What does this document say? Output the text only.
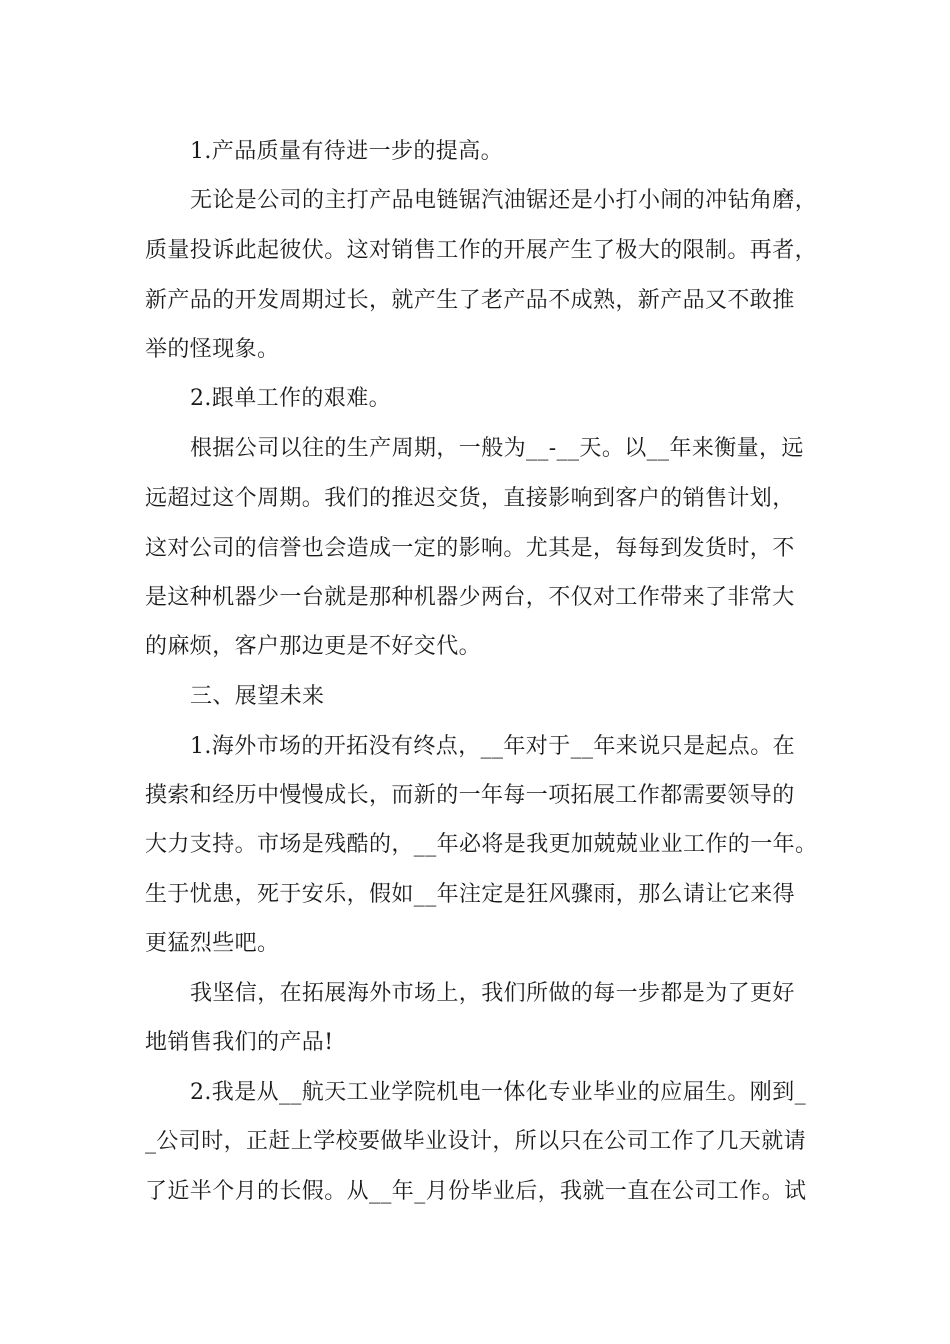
1.产品质量有待进一步的提高。
无论是公司的主打产品电链锯汽油锯还是小打小闹的冲钻角磨，
质量投诉此起彼伏。这对销售工作的开展产生了极大的限制。再者，
新产品的开发周期过长，就产生了老产品不成熟，新产品又不敢推
举的怪现象。
2.跟单工作的艰难。
根据公司以往的生产周期，一般为__-__天。以__年来衡量，远
远超过这个周期。我们的推迟交货，直接影响到客户的销售计划，
这对公司的信誉也会造成一定的影响。尤其是，每每到发货时，不
是这种机器少一台就是那种机器少两台，不仅对工作带来了非常大
的麻烦，客户那边更是不好交代。
三、展望未来
1.海外市场的开拓没有终点，__年对于__年来说只是起点。在
摸索和经历中慢慢成长，而新的一年每一项拓展工作都需要领导的
大力支持。市场是残酷的，__年必将是我更加兢兢业业工作的一年。
生于忧患，死于安乐，假如__年注定是狂风骤雨，那么请让它来得
更猛烈些吧。
我坚信，在拓展海外市场上，我们所做的每一步都是为了更好
地销售我们的产品!
2.我是从__航天工业学院机电一体化专业毕业的应届生。刚到_
_公司时，正赶上学校要做毕业设计，所以只在公司工作了几天就请
了近半个月的长假。从__年_月份毕业后，我就一直在公司工作。试
